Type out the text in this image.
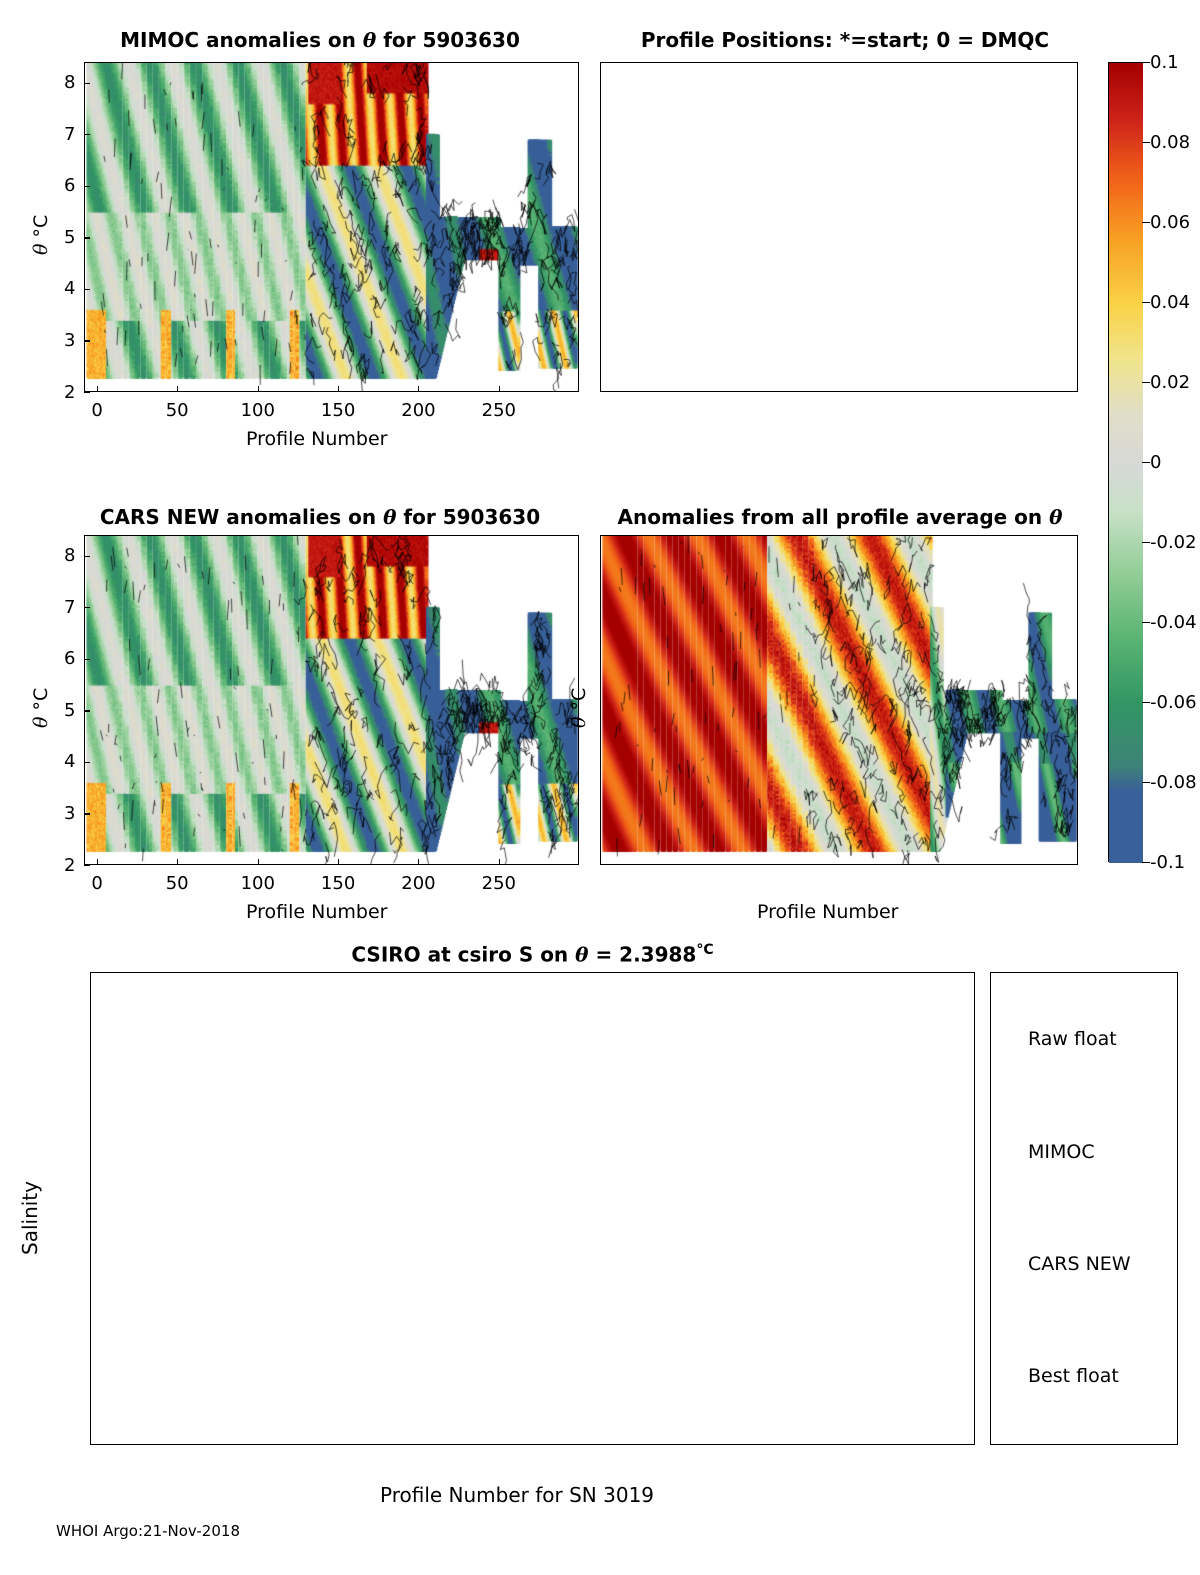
MIMOC anomalies on θ for 5903630
θ °C
Profile Number
Profile Positions: *=start; 0 = DMQC
CARS NEW anomalies on θ for 5903630
θ °C
Profile Number
Anomalies from all profile average on θ
θ °C
Profile Number
CSIRO at csiro S on $\theta = 2.3988^{^\circ C}$
Salinity
Profile Number for SN 3019
Raw float
MIMOC
CARS NEW
Best float
WHOI Argo:21-Nov-2018
0.1
0.08
0.06
0.04
0.02
0
-0.02
-0.04
-0.06
-0.08
-0.1
0	50	100	150	200	250
2
3
4
5
6
7
8
0	50	100	150	200	250
2
3
4
5
6
7
8
